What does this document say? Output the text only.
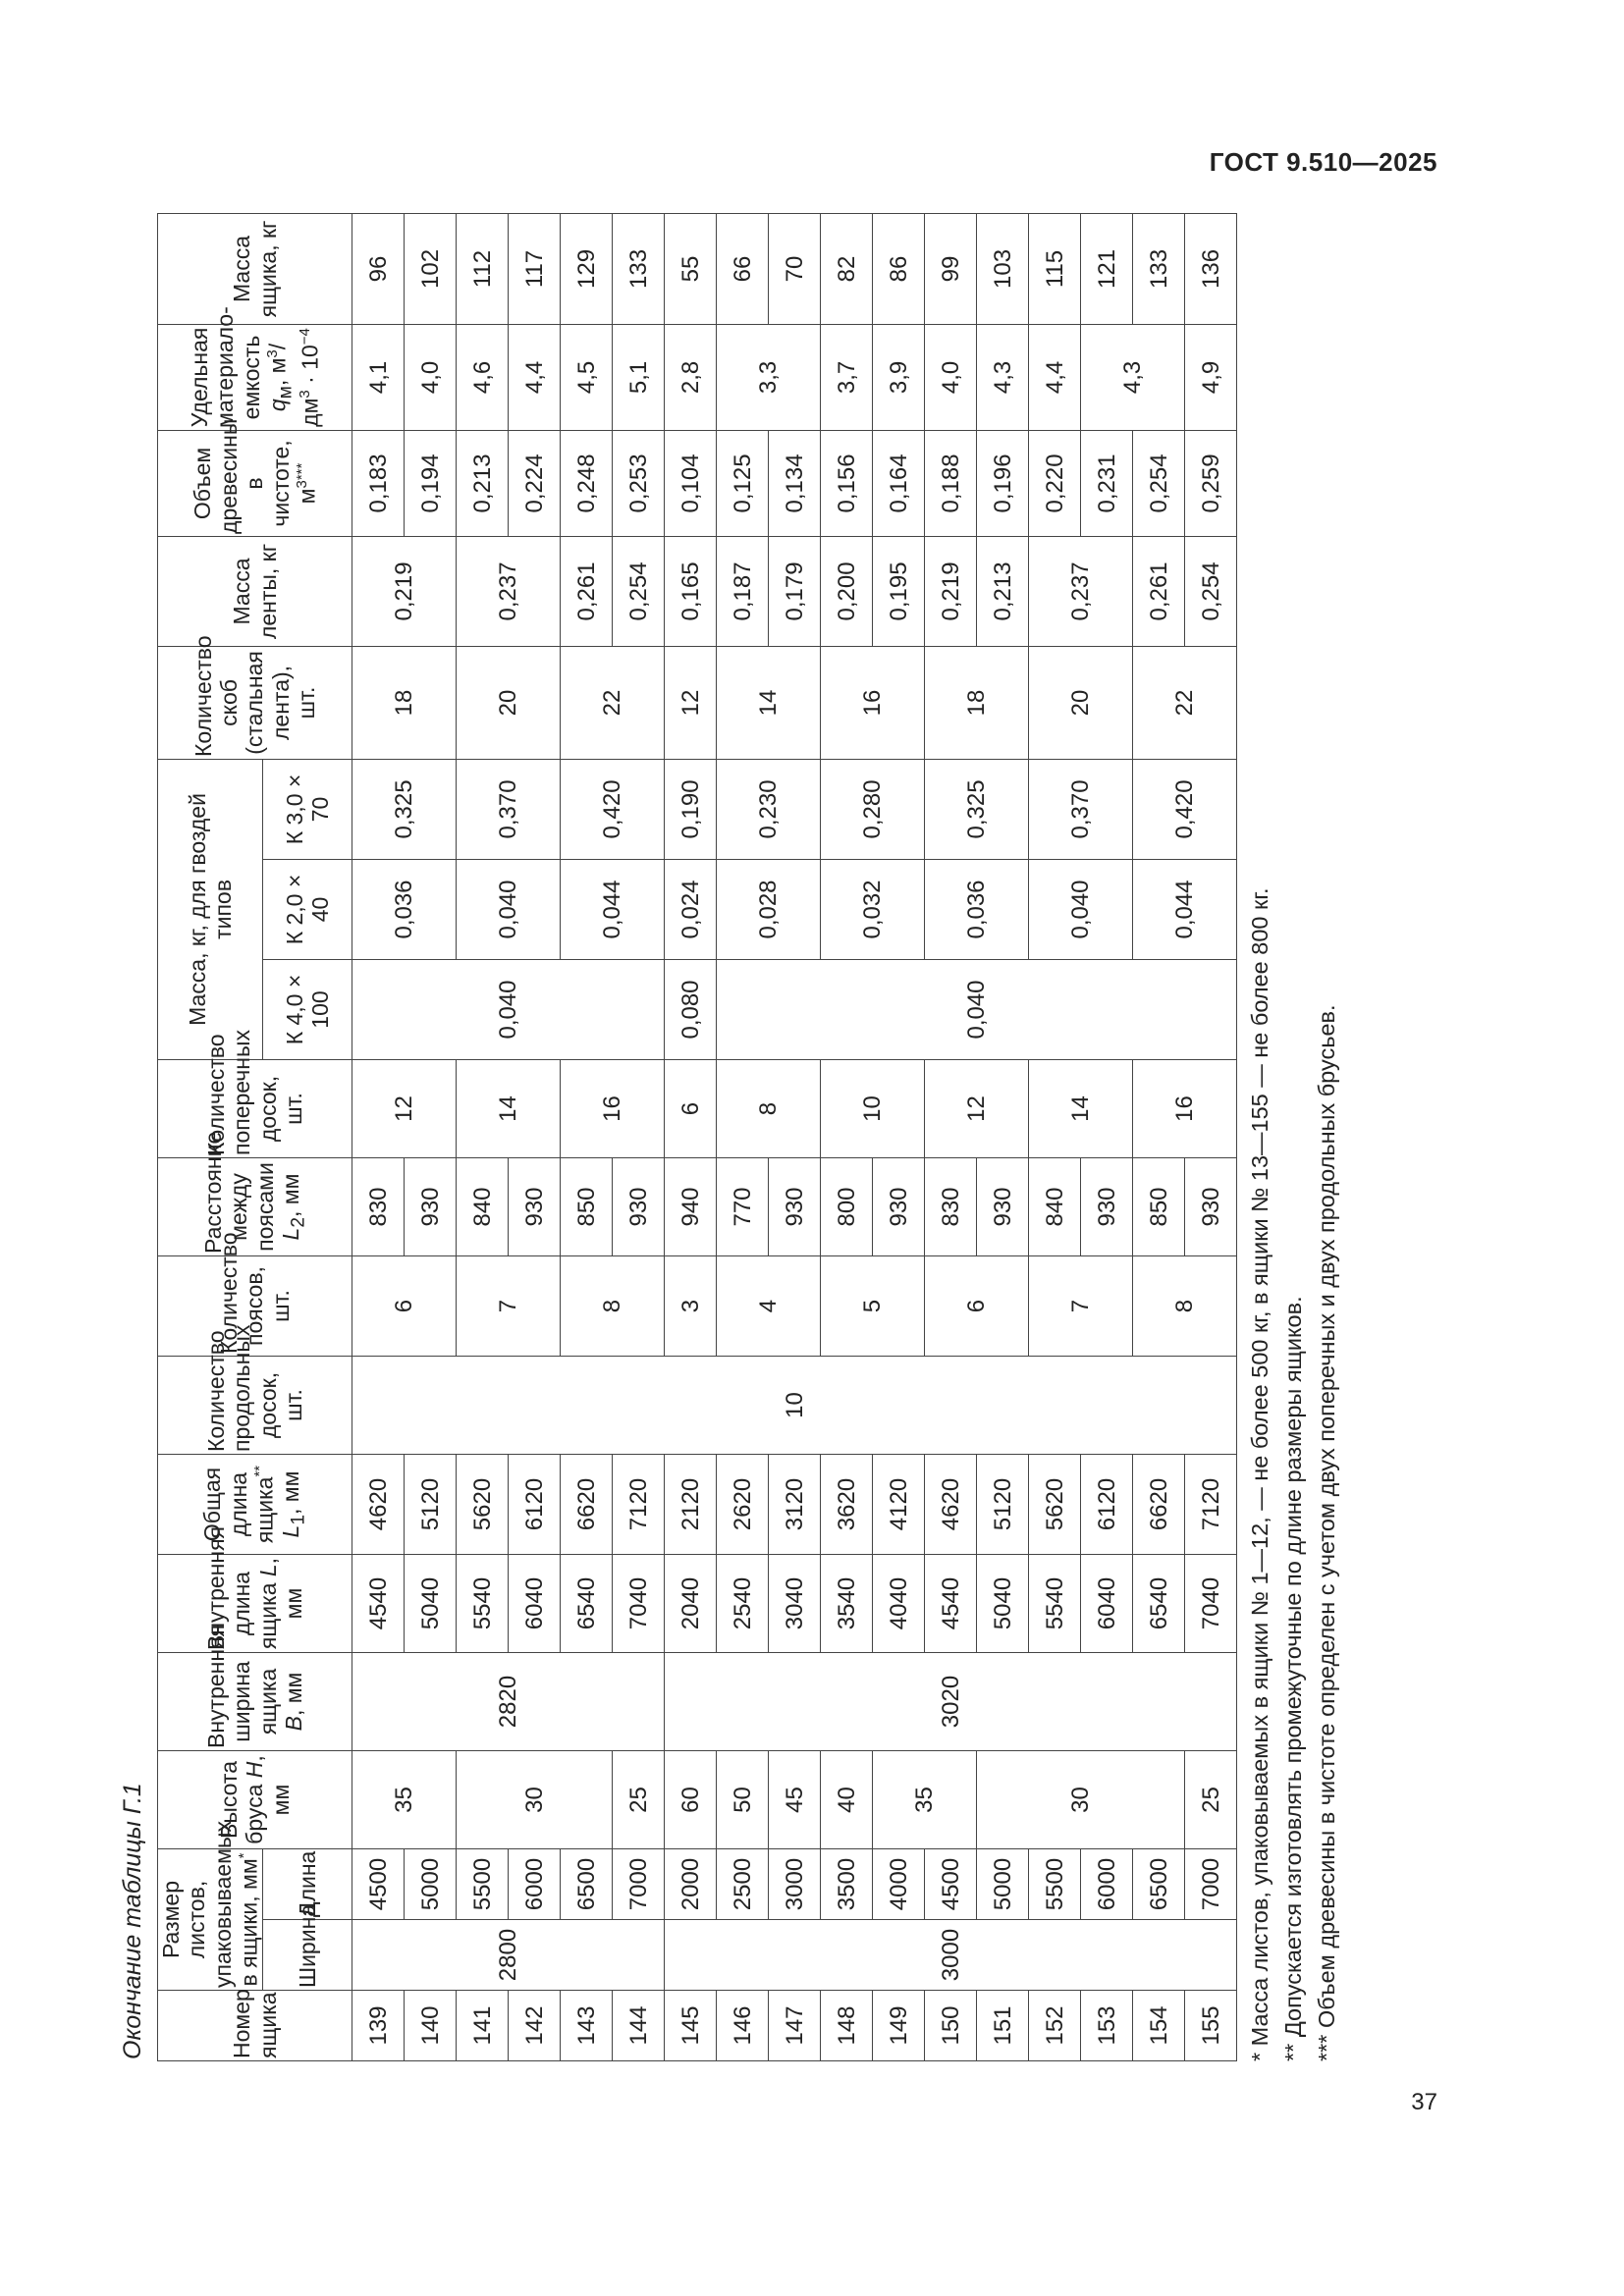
ГОСТ 9.510—2025
Окончание таблицы Г.1	Номер ящика	Размер листов, упаковываемых в ящики, мм*		Высота бруса H, мм	Внутренняя ширина ящика B, мм	Внутренняя длина ящика L, мм	Общая длина ящика** $L_1$, мм	Количество продольных досок, шт.	Количество поясов, шт.	Расстояние между поясами $L_2$, мм	Количество поперечных досок, шт.	Масса, кг, для гвоздей типов			Количество скоб (стальная лента), шт.	Масса ленты, кг	Объем древесины в чистоте, $м^{3***}$	Удельная материало-емкость $q_м$, $м^3/дм^3 \cdot 10^{-4}$	Масса ящика, кг
	Ширина	Длина									К 4,0 × 100	К 2,0 × 40	К 3,0 × 70					
139	2800	4500	35	2820	4540	4620	10	6	830	12	0,040	0,036	0,325	18	0,219	0,183	4,1	96
140		5000			5040	5120			930							0,194	4,0	102
141		5500	30		5540	5620		7	840	14		0,040	0,370	20	0,237	0,213	4,6	112
142		6000			6040	6120			930							0,224	4,4	117
143		6500			6540	6620		8	850	16		0,044	0,420	22	0,261	0,248	4,5	129
144		7000	25		7040	7120			930						0,254	0,253	5,1	133
145	3000	2000	60	3020	2040	2120		3	940	6	0,080	0,024	0,190	12	0,165	0,104	2,8	55
146		2500	50		2540	2620		4	770	8	0,040	0,028	0,230	14	0,187	0,125	3,3	66
147		3000	45		3040	3120			930						0,179	0,134		70
148		3500	40		3540	3620		5	800	10		0,032	0,280	16	0,200	0,156	3,7	82
149		4000	35		4040	4120			930						0,195	0,164	3,9	86
150		4500			4540	4620		6	830	12		0,036	0,325	18	0,219	0,188	4,0	99
151		5000	30		5040	5120			930						0,213	0,196	4,3	103
152		5500			5540	5620		7	840	14		0,040	0,370	20	0,237	0,220	4,4	115
153		6000			6040	6120			930							0,231	4,3	121
154		6500			6540	6620		8	850	16		0,044	0,420	22	0,261	0,254		133
155		7000	25		7040	7120			930						0,254	0,259	4,9	136
* Масса листов, упаковываемых в ящики № 1—12, — не более 500 кг, в ящики № 13—155 — не более 800 кг. ** Допускается изготовлять промежуточные по длине размеры ящиков. *** Объем древесины в чистоте определен с учетом двух поперечных и двух продольных брусьев.
37
